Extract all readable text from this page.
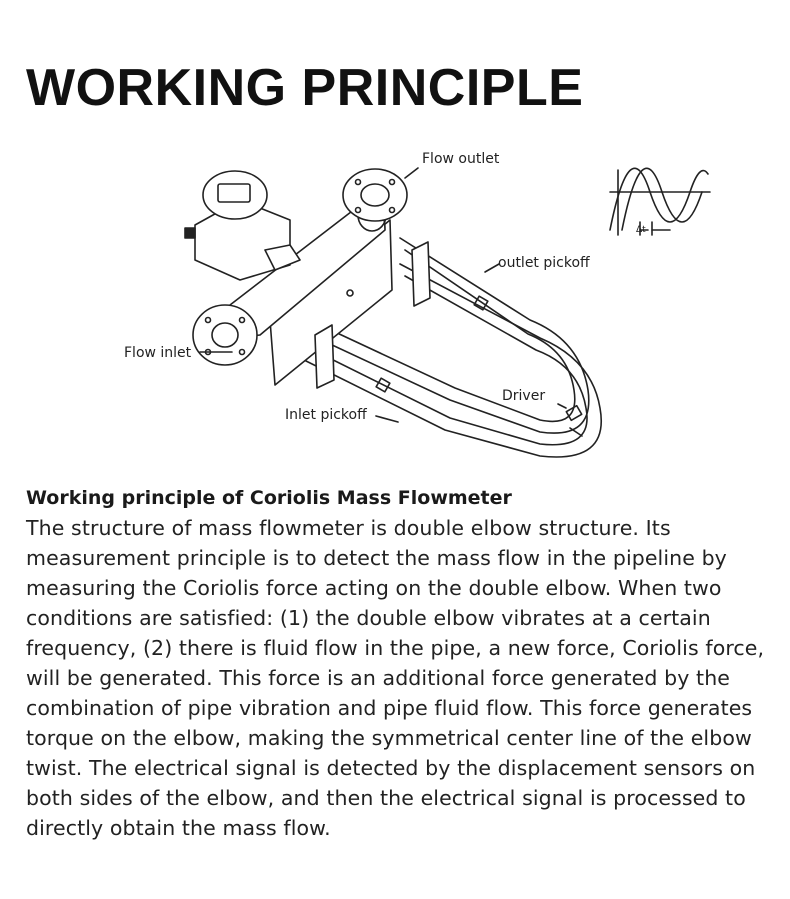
WORKING PRINCIPLE
Flow outlet
outlet pickoff
Flow inlet
Driver
Inlet pickoff
Δt
Working principle of Coriolis Mass Flowmeter

The structure of mass flowmeter is double elbow structure. Its measurement principle is to detect the mass flow in the pipeline by measuring the Coriolis force acting on the double elbow. When two conditions are satisfied: (1) the double elbow vibrates at a certain frequency, (2) there is fluid flow in the pipe, a new force, Coriolis force, will be generated. This force is an additional force generated by the combination of pipe vibration and pipe fluid flow. This force generates torque on the elbow, making the symmetrical center line of the elbow twist. The electrical signal is detected by the displacement sensors on both sides of the elbow, and then the electrical signal is processed to directly obtain the mass flow.
